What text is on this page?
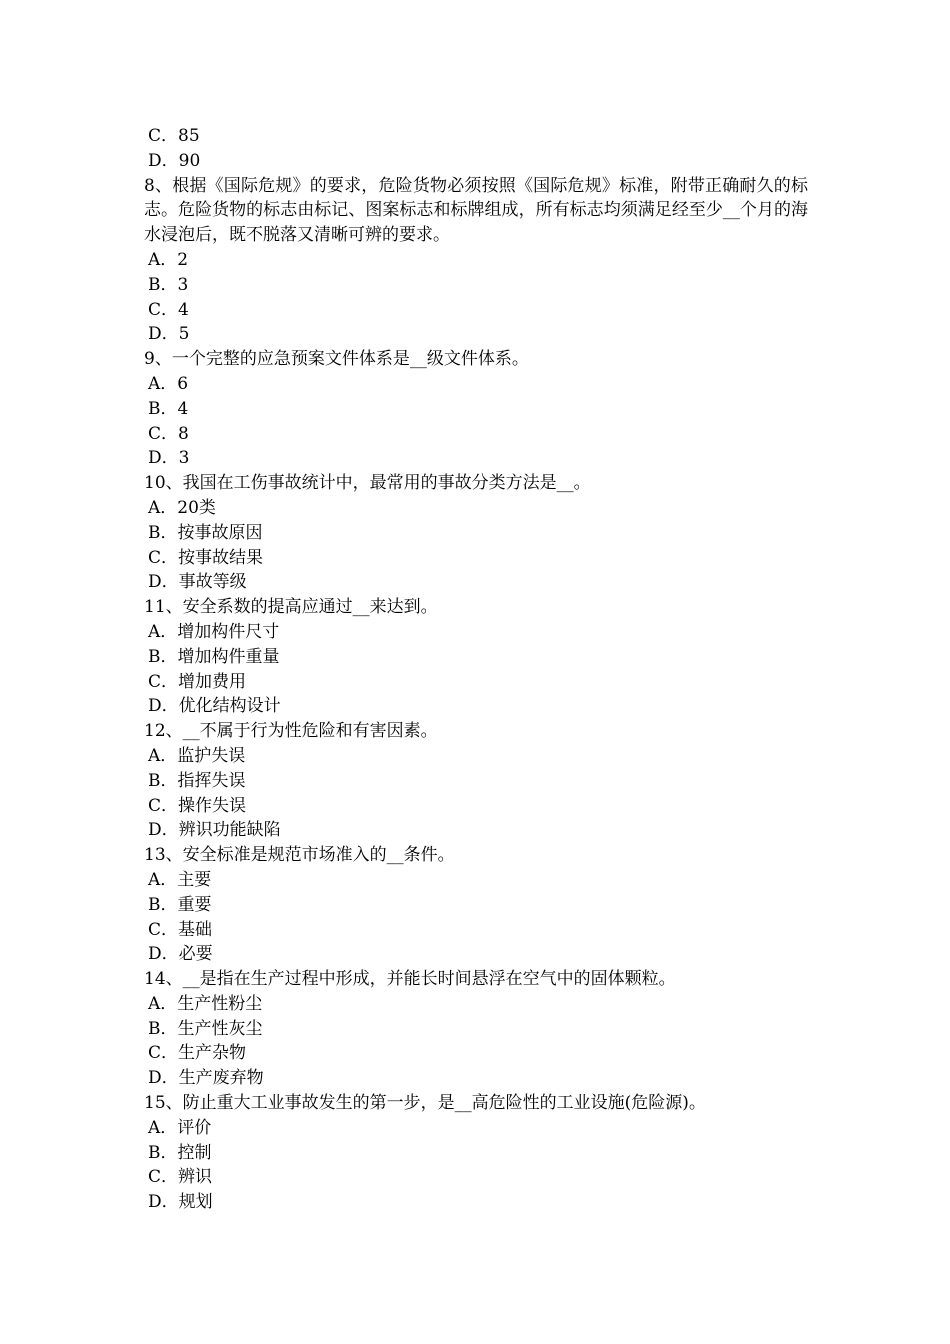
C．85
D．90
8、根据《国际危规》的要求，危险货物必须按照《国际危规》标准，附带正确耐久的标志。危险货物的标志由标记、图案标志和标牌组成，所有标志均须满足经至少__个月的海水浸泡后，既不脱落又清晰可辨的要求。
A．2
B．3
C．4
D．5
9、一个完整的应急预案文件体系是__级文件体系。
A．6
B．4
C．8
D．3
10、我国在工伤事故统计中，最常用的事故分类方法是__。
A．20类
B．按事故原因
C．按事故结果
D．事故等级
11、安全系数的提高应通过__来达到。
A．增加构件尺寸
B．增加构件重量
C．增加费用
D．优化结构设计
12、__不属于行为性危险和有害因素。
A．监护失误
B．指挥失误
C．操作失误
D．辨识功能缺陷
13、安全标准是规范市场准入的__条件。
A．主要
B．重要
C．基础
D．必要
14、__是指在生产过程中形成，并能长时间悬浮在空气中的固体颗粒。
A．生产性粉尘
B．生产性灰尘
C．生产杂物
D．生产废弃物
15、防止重大工业事故发生的第一步，是__高危险性的工业设施(危险源)。
A．评价
B．控制
C．辨识
D．规划
